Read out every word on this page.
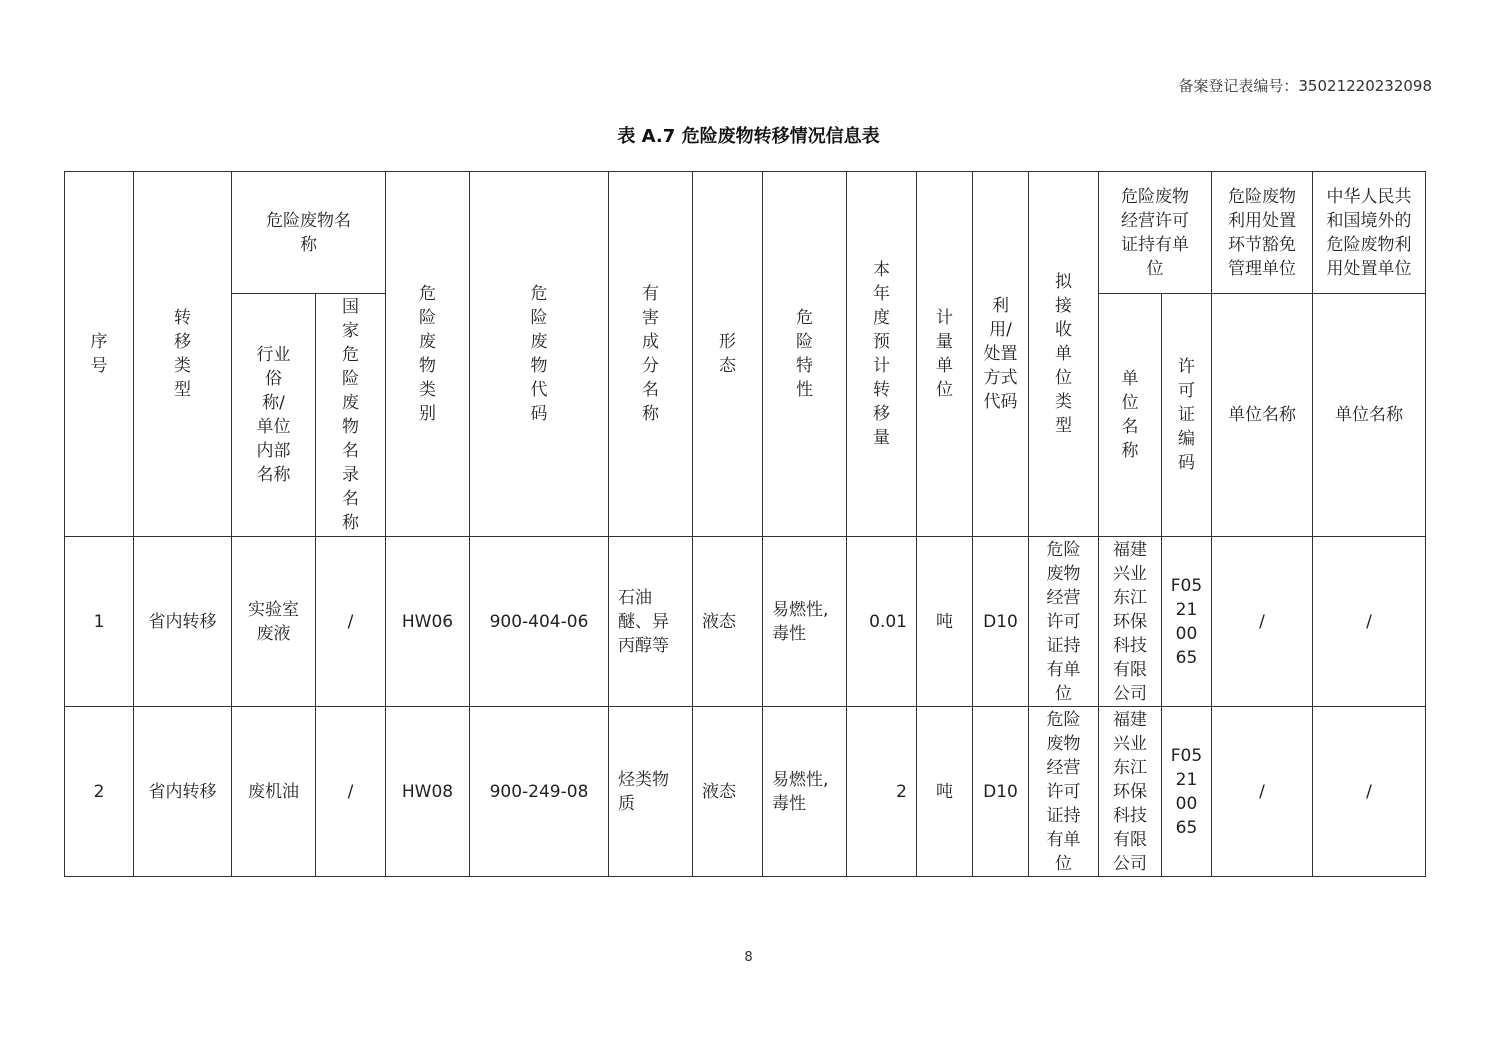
备案登记表编号 ： 35021220232098
表 A.7 危险废物转移情况信息表
序号	转移类型	危险废物名称		危险废物类别	危险废物代码	有害成分名称	形态	危险特性	本年度预计转移量	计量单位	利用/处置方式代码	拟接收单位类型	危险废物经营许可证持有单位		危险废物利用处置环节豁免管理单位	中华人民共和国境外的危险废物利用处置单位
		行业俗称/单位内部名称	国家危险废物名录名称										单位名称	许可证编码	单位名称	单位名称
1	省内转移	实验室废液	/	HW06	900-404-06	石油醚、异丙醇等	液态	易燃性,毒性	0.01	吨	D10	危险废物经营许可证持有单位	福建兴业东江环保科技有限公司	F05210065	/	/
2	省内转移	废机油	/	HW08	900-249-08	烃类物质	液态	易燃性,毒性	2	吨	D10	危险废物经营许可证持有单位	福建兴业东江环保科技有限公司	F05210065	/	/
8
